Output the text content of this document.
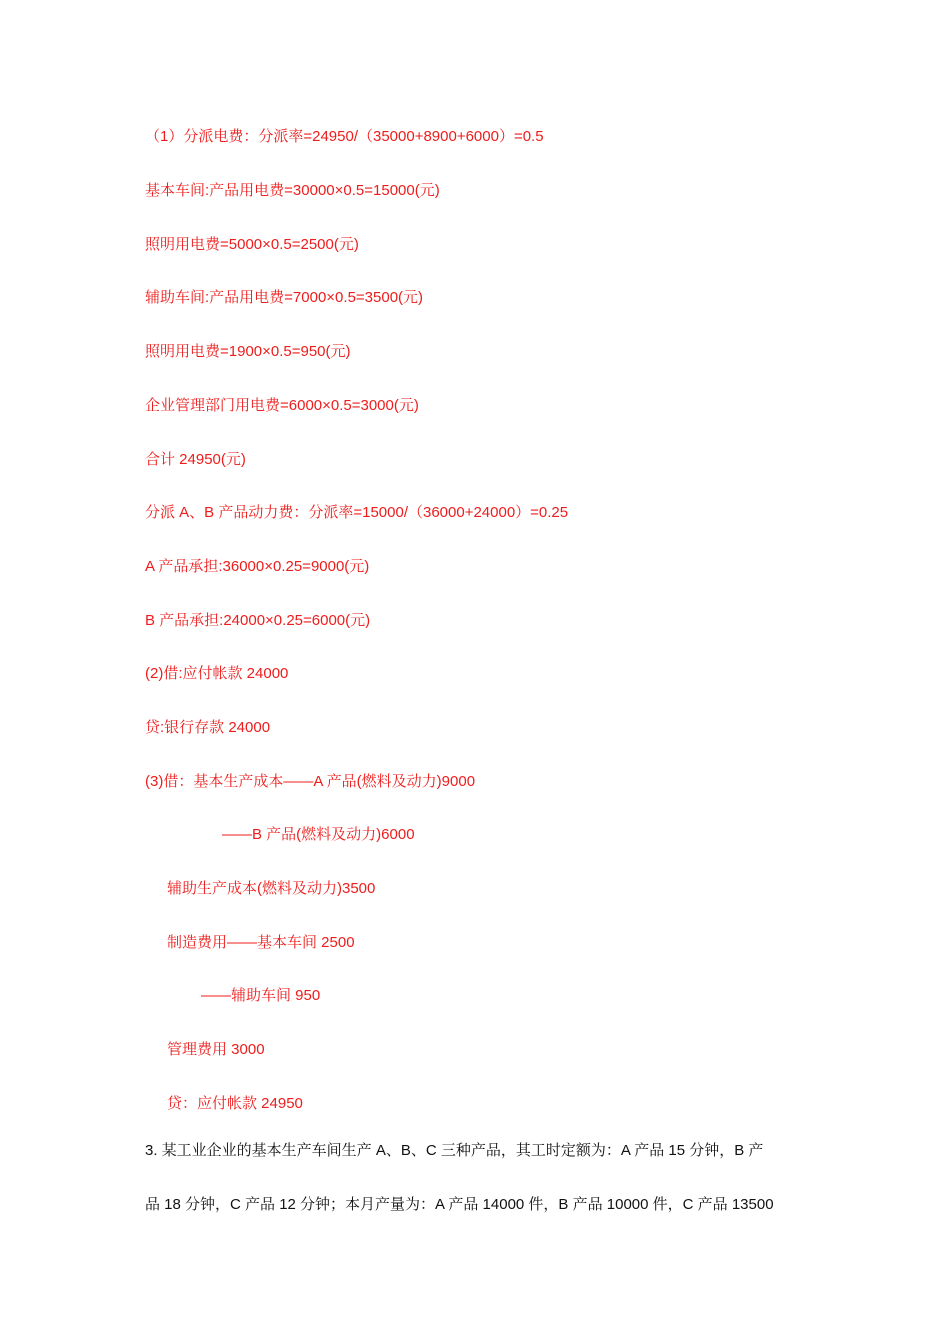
（1）分派电费：分派率=24950/（35000+8900+6000）=0.5
基本车间:产品用电费=30000×0.5=15000(元)
照明用电费=5000×0.5=2500(元)
辅助车间:产品用电费=7000×0.5=3500(元)
照明用电费=1900×0.5=950(元)
企业管理部门用电费=6000×0.5=3000(元)
合计 24950(元)
分派 A、B 产品动力费：分派率=15000/（36000+24000）=0.25
A 产品承担:36000×0.25=9000(元)
B 产品承担:24000×0.25=6000(元)
(2)借:应付帐款 24000
贷:银行存款 24000
(3)借：基本生产成本——A 产品(燃料及动力)9000
——B 产品(燃料及动力)6000
辅助生产成本(燃料及动力)3500
制造费用——基本车间 2500
——辅助车间 950
管理费用 3000
贷：应付帐款 24950
3. 某工业企业的基本生产车间生产 A、B、C 三种产品，其工时定额为：A 产品 15 分钟，B 产
品 18 分钟，C 产品 12 分钟；本月产量为：A 产品 14000 件，B 产品 10000 件，C 产品 13500
